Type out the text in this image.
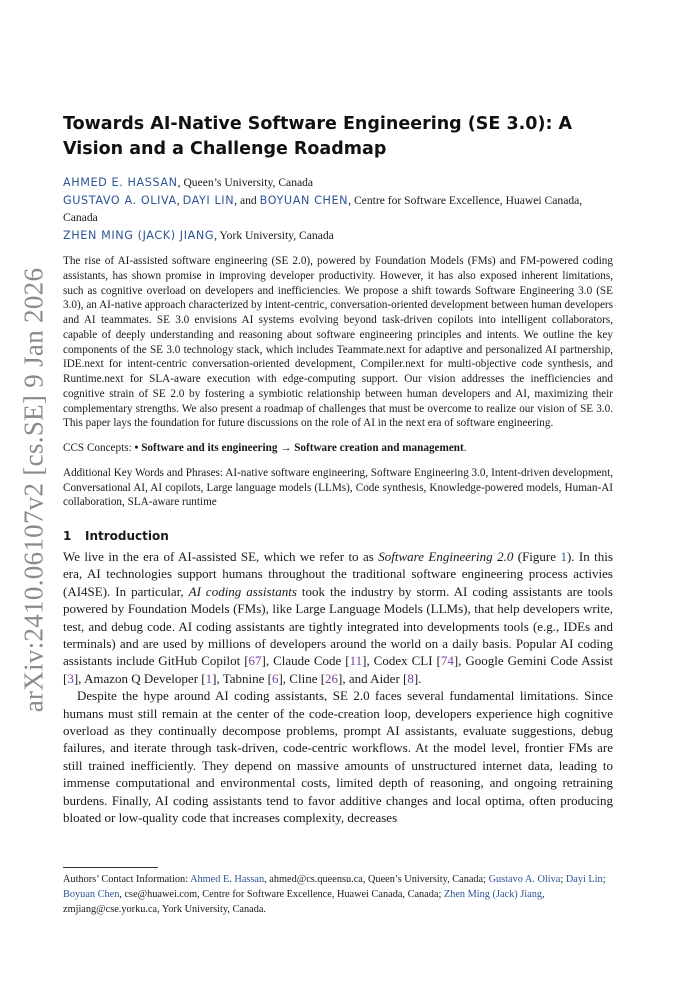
arXiv:2410.06107v2 [cs.SE] 9 Jan 2026
Towards AI-Native Software Engineering (SE 3.0): A Vision and a Challenge Roadmap

AHMED E. HASSAN, Queen’s University, Canada

GUSTAVO A. OLIVA, DAYI LIN, and BOYUAN CHEN, Centre for Software Excellence, Huawei Canada, Canada

ZHEN MING (JACK) JIANG, York University, Canada

The rise of AI-assisted software engineering (SE 2.0), powered by Foundation Models (FMs) and FM-powered coding assistants, has shown promise in improving developer productivity. However, it has also exposed inherent limitations, such as cognitive overload on developers and inefficiencies. We propose a shift towards Software Engineering 3.0 (SE 3.0), an AI-native approach characterized by intent-centric, conversation-oriented development between human developers and AI teammates. SE 3.0 envisions AI systems evolving beyond task-driven copilots into intelligent collaborators, capable of deeply understanding and reasoning about software engineering principles and intents. We outline the key components of the SE 3.0 technology stack, which includes Teammate.next for adaptive and personalized AI partnership, IDE.next for intent-centric conversation-oriented development, Compiler.next for multi-objective code synthesis, and Runtime.next for SLA-aware execution with edge-computing support. Our vision addresses the inefficiencies and cognitive strain of SE 2.0 by fostering a symbiotic relationship between human developers and AI, maximizing their complementary strengths. We also present a roadmap of challenges that must be overcome to realize our vision of SE 3.0. This paper lays the foundation for future discussions on the role of AI in the next era of software engineering.
CCS Concepts: • Software and its engineering → Software creation and management.
Additional Key Words and Phrases: AI-native software engineering, Software Engineering 3.0, Intent-driven development, Conversational AI, AI copilots, Large language models (LLMs), Code synthesis, Knowledge-powered models, Human-AI collaboration, SLA-aware runtime
1 Introduction

We live in the era of AI-assisted SE, which we refer to as Software Engineering 2.0 (Figure 1). In this era, AI technologies support humans throughout the traditional software engineering process activies (AI4SE). In particular, AI coding assistants took the industry by storm. AI coding assistants are tools powered by Foundation Models (FMs), like Large Language Models (LLMs), that help developers write, test, and debug code. AI coding assistants are tightly integrated into developments tools (e.g., IDEs and terminals) and are used by millions of developers around the world on a daily basis. Popular AI coding assistants include GitHub Copilot [67], Claude Code [11], Codex CLI [74], Google Gemini Code Assist [3], Amazon Q Developer [1], Tabnine [6], Cline [26], and Aider [8].

Despite the hype around AI coding assistants, SE 2.0 faces several fundamental limitations. Since humans must still remain at the center of the code-creation loop, developers experience high cognitive overload as they continually decompose problems, prompt AI assistants, evaluate suggestions, debug failures, and iterate through task-driven, code-centric workflows. At the model level, frontier FMs are still trained inefficiently. They depend on massive amounts of unstructured internet data, leading to immense computational and environmental costs, limited depth of reasoning, and ongoing retraining burdens. Finally, AI coding assistants tend to favor additive changes and local optima, often producing bloated or low-quality code that increases complexity, decreases

Authors’ Contact Information: Ahmed E. Hassan, ahmed@cs.queensu.ca, Queen’s University, Canada; Gustavo A. Oliva; Dayi Lin; Boyuan Chen, cse@huawei.com, Centre for Software Excellence, Huawei Canada, Canada; Zhen Ming (Jack) Jiang, zmjiang@cse.yorku.ca, York University, Canada.
